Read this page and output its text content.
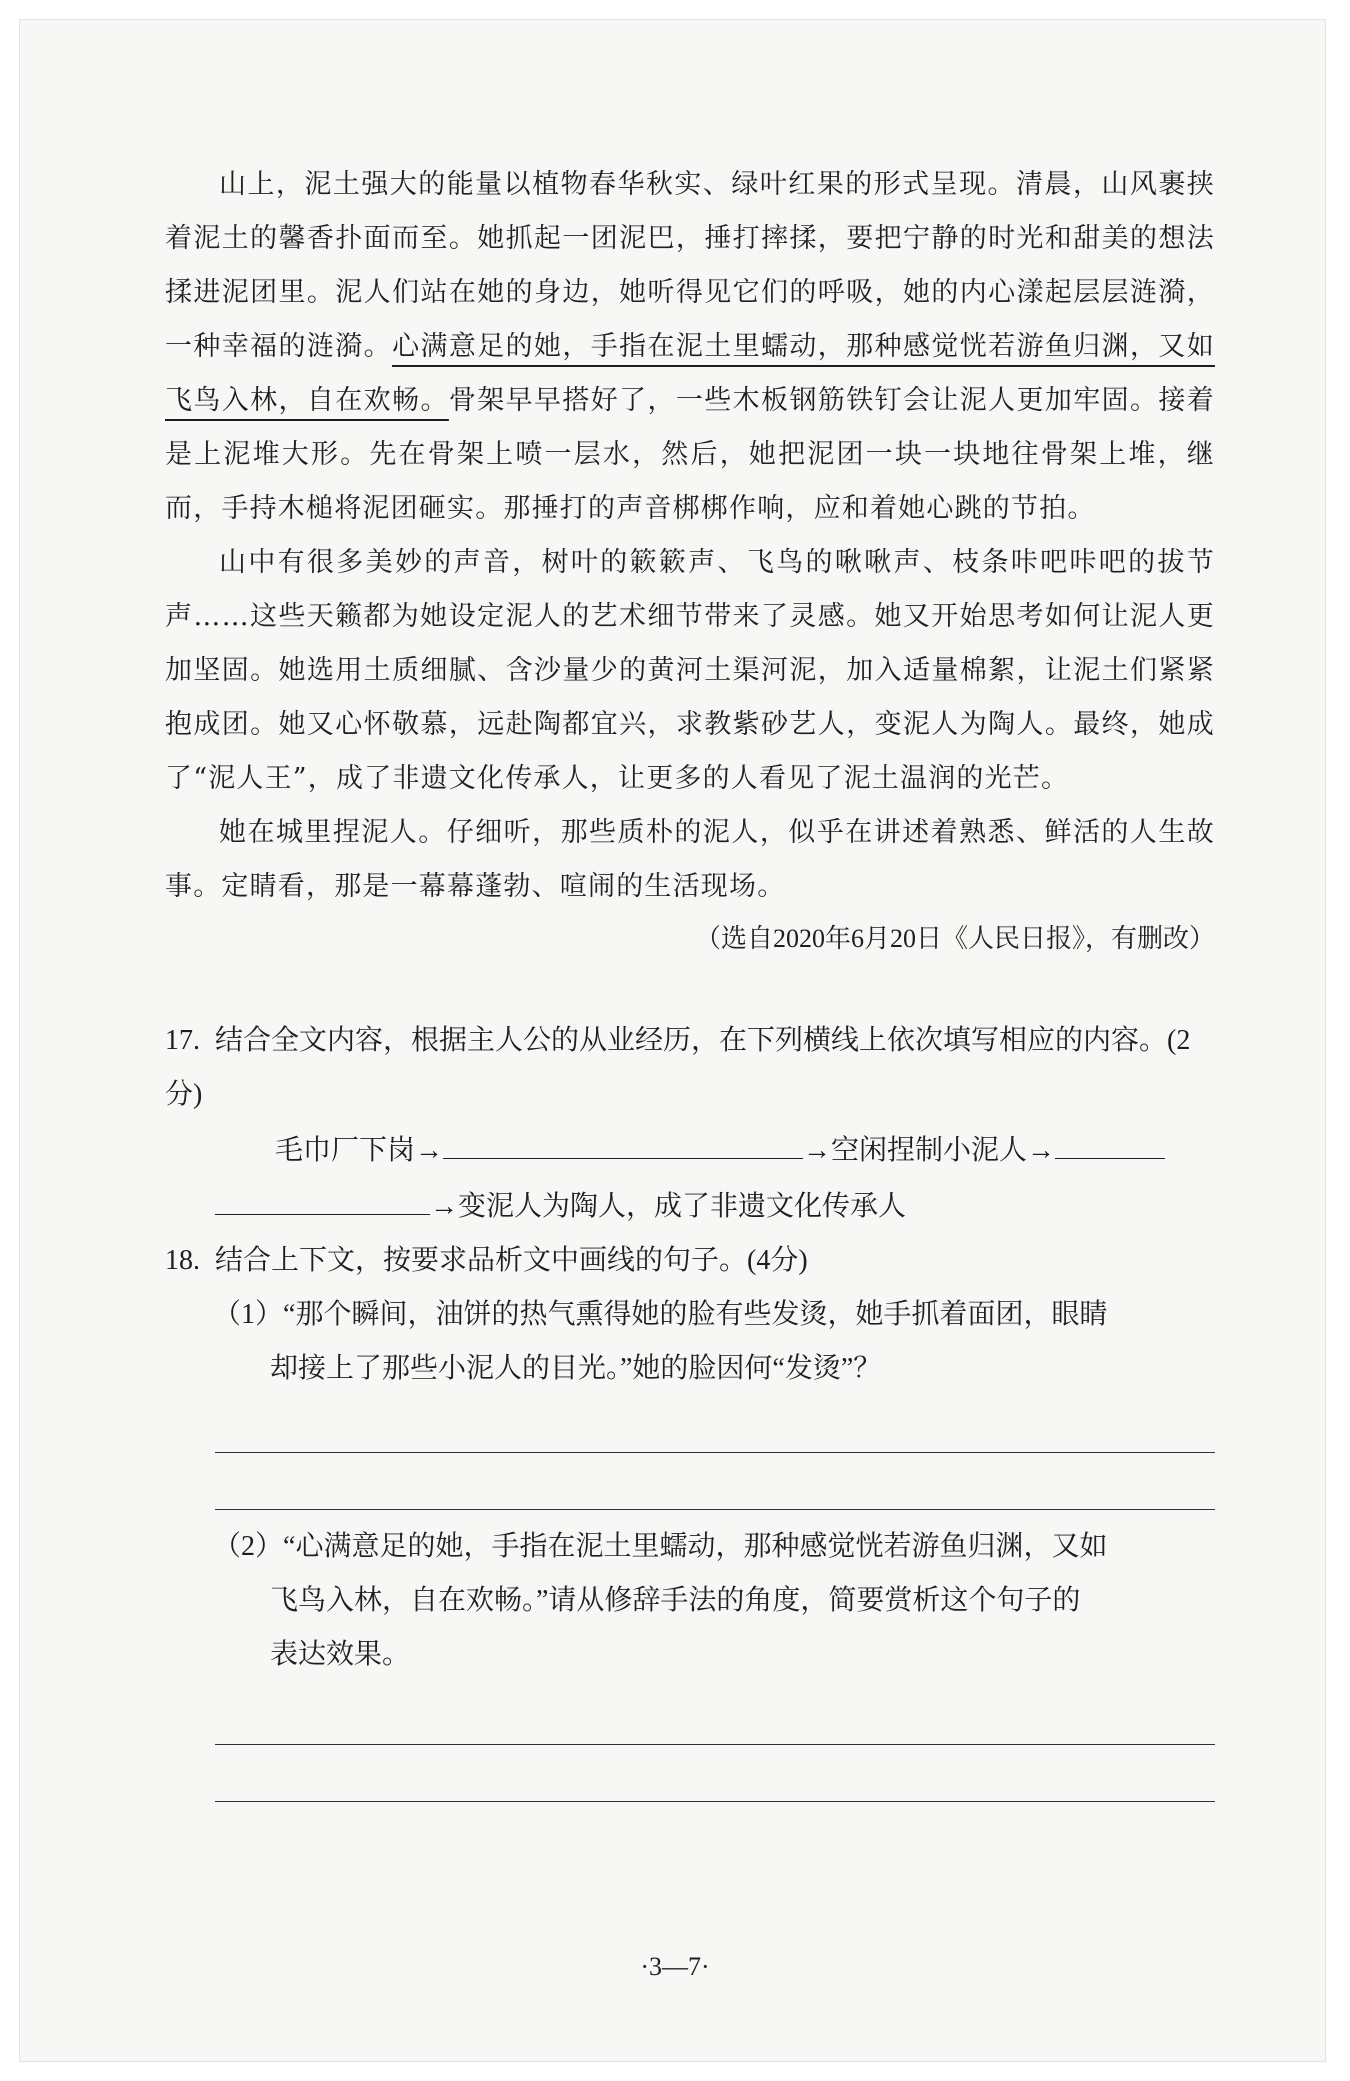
山上，泥土强大的能量以植物春华秋实、绿叶红果的形式呈现。清晨，山风裹挟着泥土的馨香扑面而至。她抓起一团泥巴，捶打摔揉，要把宁静的时光和甜美的想法揉进泥团里。泥人们站在她的身边，她听得见它们的呼吸，她的内心漾起层层涟漪，一种幸福的涟漪。心满意足的她，手指在泥土里蠕动，那种感觉恍若游鱼归渊，又如飞鸟入林，自在欢畅。骨架早早搭好了，一些木板钢筋铁钉会让泥人更加牢固。接着是上泥堆大形。先在骨架上喷一层水，然后，她把泥团一块一块地往骨架上堆，继而，手持木槌将泥团砸实。那捶打的声音梆梆作响，应和着她心跳的节拍。

山中有很多美妙的声音，树叶的簌簌声、飞鸟的啾啾声、枝条咔吧咔吧的拔节声……这些天籁都为她设定泥人的艺术细节带来了灵感。她又开始思考如何让泥人更加坚固。她选用土质细腻、含沙量少的黄河土渠河泥，加入适量棉絮，让泥土们紧紧抱成团。她又心怀敬慕，远赴陶都宜兴，求教紫砂艺人，变泥人为陶人。最终，她成了“泥人王”，成了非遗文化传承人，让更多的人看见了泥土温润的光芒。

她在城里捏泥人。仔细听，那些质朴的泥人，似乎在讲述着熟悉、鲜活的人生故事。定睛看，那是一幕幕蓬勃、喧闹的生活现场。

（选自2020年6月20日《人民日报》，有删改）

17. 结合全文内容，根据主人公的从业经历，在下列横线上依次填写相应的内容。(2分)
毛巾厂下岗→	→空闲捏制小泥人→
→变泥人为陶人，成了非遗文化传承人
18. 结合上下文，按要求品析文中画线的句子。(4分)
（1）“那个瞬间，油饼的热气熏得她的脸有些发烫，她手抓着面团，眼睛
却接上了那些小泥人的目光。”她的脸因何“发烫”？
（2）“心满意足的她，手指在泥土里蠕动，那种感觉恍若游鱼归渊，又如
飞鸟入林，自在欢畅。”请从修辞手法的角度，简要赏析这个句子的
表达效果。
·3—7·
